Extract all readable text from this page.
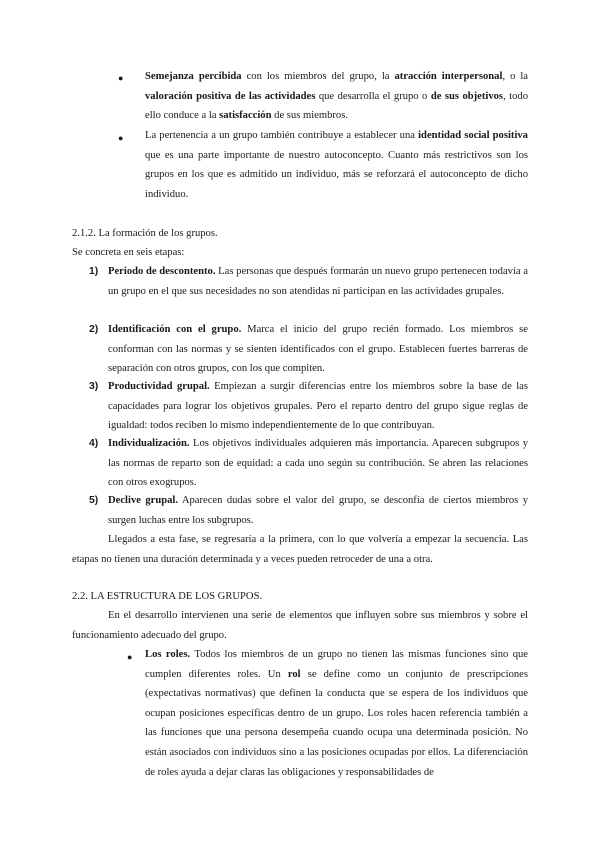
● Semejanza percibida con los miembros del grupo, la atracción interpersonal, o la valoración positiva de las actividades que desarrolla el grupo o de sus objetivos, todo ello conduce a la satisfacción de sus miembros.

● La pertenencia a un grupo también contribuye a establecer una identidad social positiva que es una parte importante de nuestro autoconcepto. Cuanto más restrictivos son los grupos en los que es admitido un individuo, más se reforzará el autoconcepto de dicho individuo.

2.1.2. La formación de los grupos.

Se concreta en seis etapas:

1) Periodo de descontento. Las personas que después formarán un nuevo grupo pertenecen todavía a un grupo en el que sus necesidades no son atendidas ni participan en las actividades grupales.

2) Identificación con el grupo. Marca el inicio del grupo recién formado. Los miembros se conforman con las normas y se sienten identificados con el grupo. Establecen fuertes barreras de separación con otros grupos, con los que compiten.

3) Productividad grupal. Empiezan a surgir diferencias entre los miembros sobre la base de las capacidades para lograr los objetivos grupales. Pero el reparto dentro del grupo sigue reglas de igualdad: todos reciben lo mismo independientemente de lo que contribuyan.

4) Individualización. Los objetivos individuales adquieren más importancia. Aparecen subgrupos y las normas de reparto son de equidad: a cada uno según su contribución. Se abren las relaciones con otros exogrupos.

5) Declive grupal. Aparecen dudas sobre el valor del grupo, se desconfía de ciertos miembros y surgen luchas entre los subgrupos.

Llegados a esta fase, se regresaría a la primera, con lo que volvería a empezar la secuencia. Las etapas no tienen una duración determinada y a veces pueden retroceder de una a otra.

2.2. LA ESTRUCTURA DE LOS GRUPOS.

En el desarrollo intervienen una serie de elementos que influyen sobre sus miembros y sobre el funcionamiento adecuado del grupo.

● Los roles. Todos los miembros de un grupo no tienen las mismas funciones sino que cumplen diferentes roles. Un rol se define como un conjunto de prescripciones (expectativas normativas) que definen la conducta que se espera de los individuos que ocupan posiciones específicas dentro de un grupo. Los roles hacen referencia también a las funciones que una persona desempeña cuando ocupa una determinada posición. No están asociados con individuos sino a las posiciones ocupadas por ellos. La diferenciación de roles ayuda a dejar claras las obligaciones y responsabilidades de
